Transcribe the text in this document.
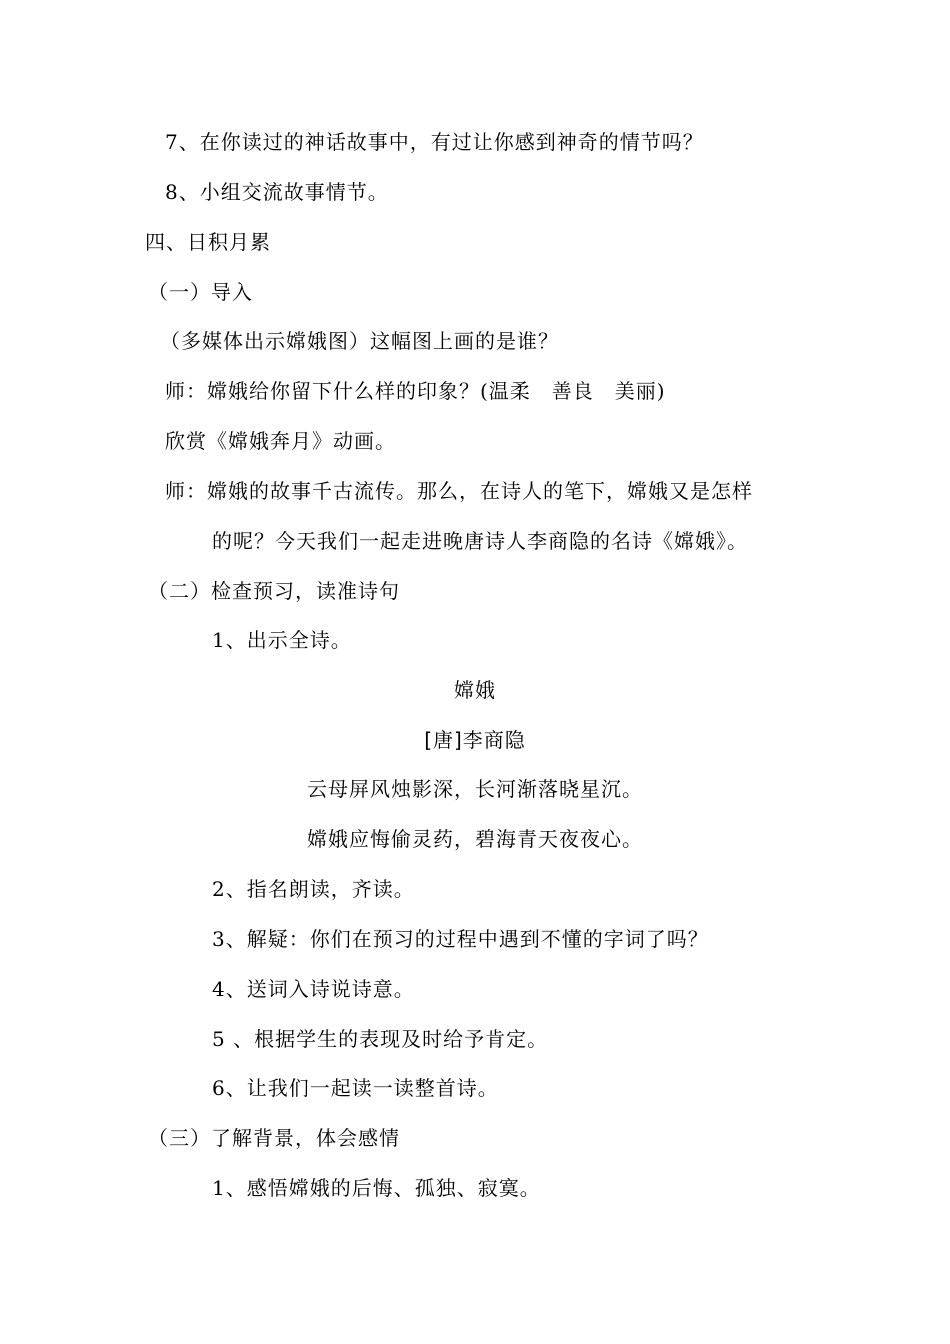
7、在你读过的神话故事中，有过让你感到神奇的情节吗？
8、小组交流故事情节。
四、日积月累
（一）导入
（多媒体出示嫦娥图）这幅图上画的是谁？
师：嫦娥给你留下什么样的印象？(温柔　善良　美丽)
欣赏《嫦娥奔月》动画。
师：嫦娥的故事千古流传。那么，在诗人的笔下，嫦娥又是怎样
的呢？今天我们一起走进晚唐诗人李商隐的名诗《嫦娥》。
（二）检查预习，读准诗句
1、出示全诗。
嫦娥
[唐]李商隐
云母屏风烛影深，长河渐落晓星沉。
嫦娥应悔偷灵药，碧海青天夜夜心。
2、指名朗读，齐读。
3、解疑：你们在预习的过程中遇到不懂的字词了吗？
4、送词入诗说诗意。
5 、根据学生的表现及时给予肯定。
6、让我们一起读一读整首诗。
（三）了解背景，体会感情
1、感悟嫦娥的后悔、孤独、寂寞。
